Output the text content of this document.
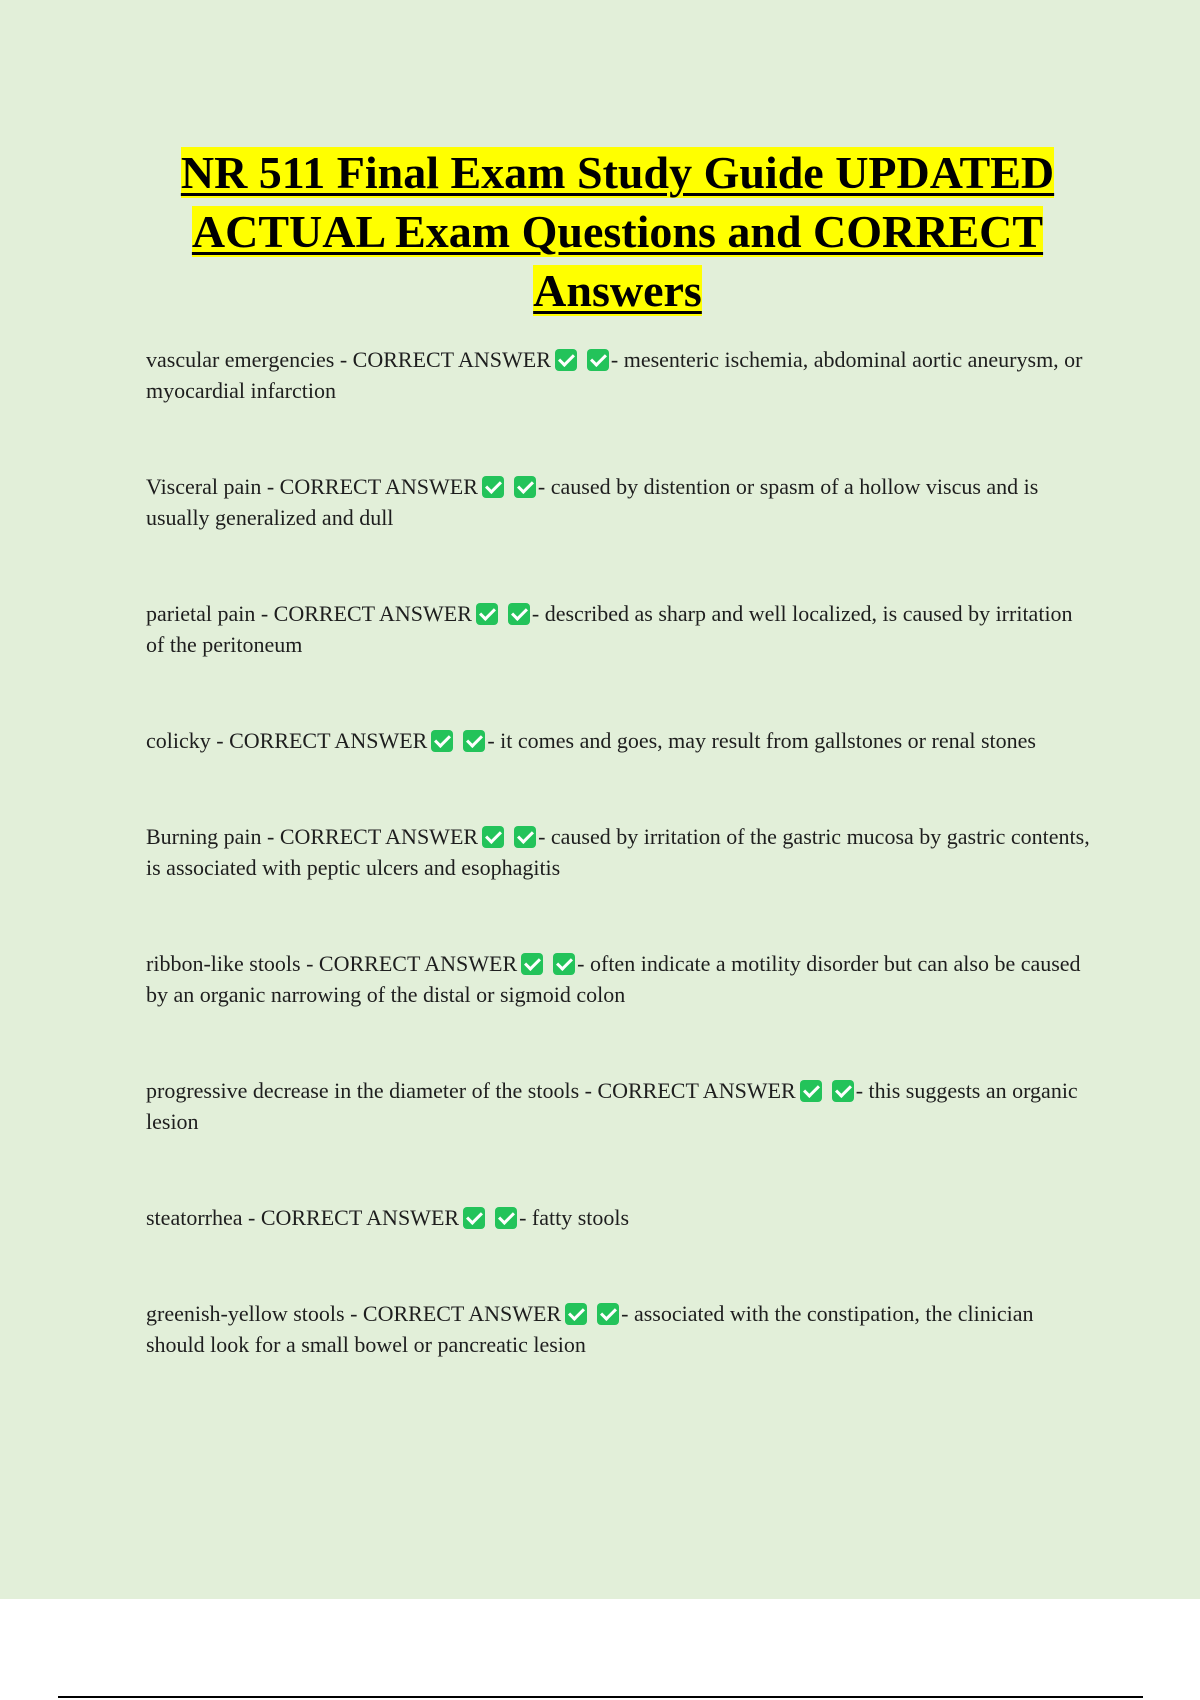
NR 511 Final Exam Study Guide UPDATED ACTUAL Exam Questions and CORRECT Answers

vascular emergencies - CORRECT ANSWER	- mesenteric ischemia, abdominal aortic aneurysm, or myocardial infarction

Visceral pain - CORRECT ANSWER	- caused by distention or spasm of a hollow viscus and is usually generalized and dull

parietal pain - CORRECT ANSWER	- described as sharp and well localized, is caused by irritation of the peritoneum

colicky - CORRECT ANSWER	- it comes and goes, may result from gallstones or renal stones

Burning pain - CORRECT ANSWER	- caused by irritation of the gastric mucosa by gastric contents, is associated with peptic ulcers and esophagitis

ribbon-like stools - CORRECT ANSWER	- often indicate a motility disorder but can also be caused by an organic narrowing of the distal or sigmoid colon

progressive decrease in the diameter of the stools - CORRECT ANSWER	- this suggests an organic lesion

steatorrhea - CORRECT ANSWER	- fatty stools

greenish-yellow stools - CORRECT ANSWER	- associated with the constipation, the clinician should look for a small bowel or pancreatic lesion
